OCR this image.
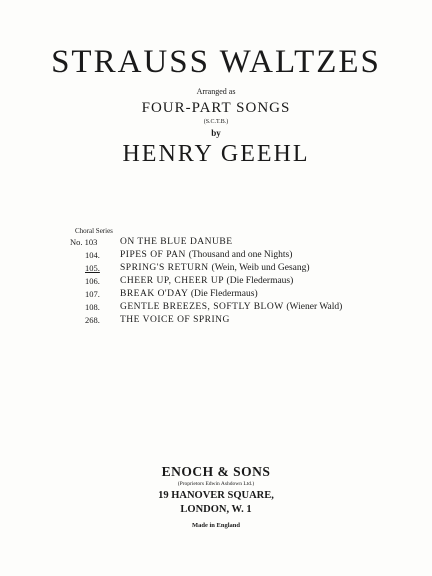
STRAUSS WALTZES
Arranged as
FOUR-PART SONGS
(S.C.T.B.)
by
HENRY GEEHL
Choral Series
No. 103	ON THE BLUE DANUBE
104.	PIPES OF PAN (Thousand and one Nights)
105.	SPRING'S RETURN (Wein, Weib und Gesang)
106.	CHEER UP, CHEER UP (Die Fledermaus)
107.	BREAK O'DAY (Die Fledermaus)
108.	GENTLE BREEZES, SOFTLY BLOW (Wiener Wald)
268.	THE VOICE OF SPRING
ENOCH & SONS
(Proprietors Edwin Ashdown Ltd.)
19 HANOVER SQUARE,
LONDON, W. 1
Made in England
